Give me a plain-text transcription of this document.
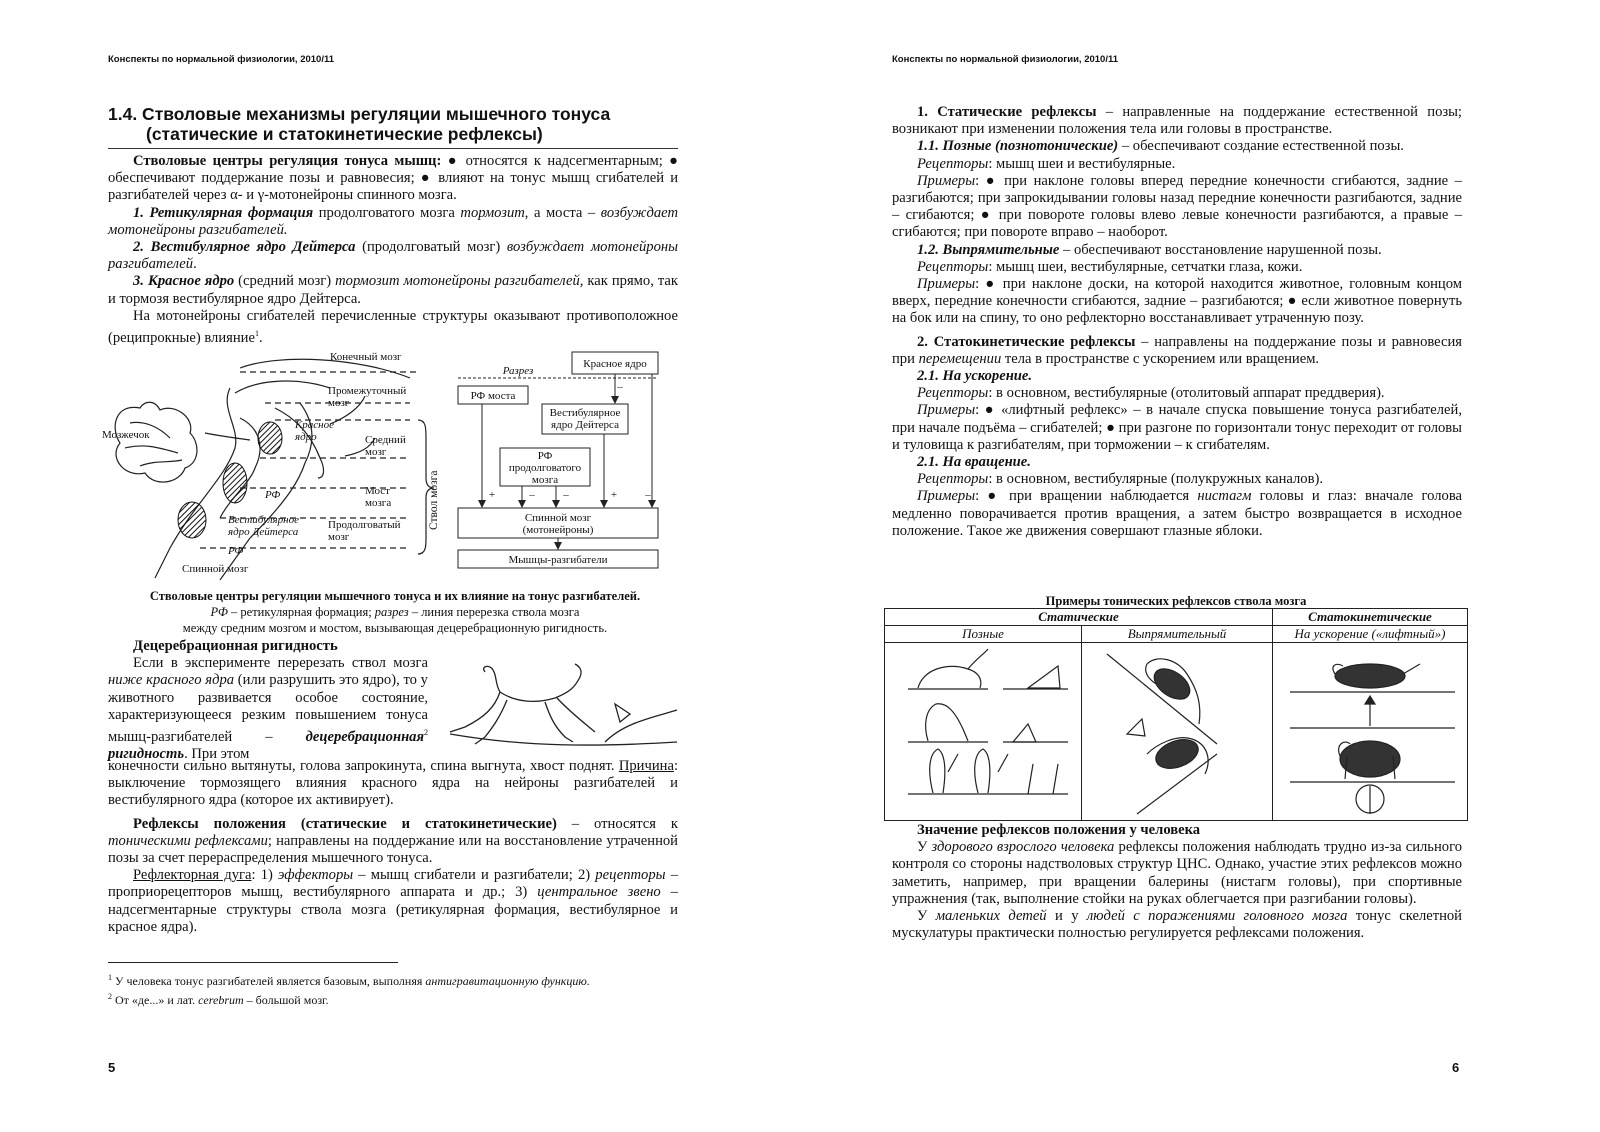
Конспекты по нормальной физиологии, 2010/11
1.4. Стволовые механизмы регуляции мышечного тонуса
(статические и статокинетические рефлексы)

Стволовые центры регуляция тонуса мышц: ● относятся к надсегментарным; ● обеспечивают поддержание позы и равновесия; ● влияют на тонус мышц сгибателей и разгибателей через α- и γ-мотонейроны спинного мозга.

1. Ретикулярная формация продолговатого мозга тормозит, а моста – возбуждает мотонейроны разгибателей.

2. Вестибулярное ядро Дейтерса (продолговатый мозг) возбуждает мотонейроны разгибателей.

3. Красное ядро (средний мозг) тормозит мотонейроны разгибателей, как прямо, так и тормозя вестибулярное ядро Дейтерса.

На мотонейроны сгибателей перечисленные структуры оказывают противоположное (реципрокные) влияние$^1$.

Конечный мозг
Промежуточный
мозг
Красное
ядро
Мозжечок	Средний
мозг
РФ	Мост
мозга
Вестибулярное
ядро Дейтерса
Продолговатый
мозг
РФ
Спинной мозг
Ствол мозга
Разрез
Красное ядро
РФ моста
Вестибулярное
ядро Дейтерса
РФ
продолговатого
мозга
Спинной мозг
(мотонейроны)
Мышцы-разгибатели
+	–	–	+	–
–
Стволовые центры регуляции мышечного тонуса и их влияние на тонус разгибателей.
РФ – ретикулярная формация; разрез – линия перерезка ствола мозга
между средним мозгом и мостом, вызывающая децеребрационную ригидность.

Децеребрационная ригидность

Если в эксперименте перерезать ствол мозга ниже красного ядра (или разрушить это ядро), то у животного развивается особое состояние, характеризующееся резким повышением тонуса мышц-разгибателей – децеребрационная$^2$ ригидность. При этом

конечности сильно вытянуты, голова запрокинута, спина выгнута, хвост поднят. Причина: выключение тормозящего влияния красного ядра на нейроны разгибателей и вестибулярного ядра (которое их активирует).

Рефлексы положения (статические и статокинетические) – относятся к тоническими рефлексами; направлены на поддержание или на восстановление утраченной позы за счет перераспределения мышечного тонуса.

Рефлекторная дуга: 1) эффекторы – мышц сгибатели и разгибатели; 2) рецепторы – проприорецепторов мышц, вестибулярного аппарата и др.; 3) центральное звено – надсегментарные структуры ствола мозга (ретикулярная формация, вестибулярное и красное ядра).

$^1$ У человека тонус разгибателей является базовым, выполняя антигравитационную функцию.
$^2$ От «де...» и лат. cerebrum – большой мозг.
5
Конспекты по нормальной физиологии, 2010/11

1. Статические рефлексы – направленные на поддержание естественной позы; возникают при изменении положения тела или головы в пространстве.

1.1. Позные (познотонические) – обеспечивают создание естественной позы.

Рецепторы: мышц шеи и вестибулярные.

Примеры: ● при наклоне головы вперед передние конечности сгибаются, задние – разгибаются; при запрокидывании головы назад передние конечности разгибаются, задние – сгибаются; ● при повороте головы влево левые конечности разгибаются, а правые – сгибаются; при повороте вправо – наоборот.

1.2. Выпрямительные – обеспечивают восстановление нарушенной позы.

Рецепторы: мышц шеи, вестибулярные, сетчатки глаза, кожи.

Примеры: ● при наклоне доски, на которой находится животное, головным концом вверх, передние конечности сгибаются, задние – разгибаются; ● если животное повернуть на бок или на спину, то оно рефлекторно восстанавливает утраченную позу.

2. Статокинетические рефлексы – направлены на поддержание позы и равновесия при перемещении тела в пространстве с ускорением или вращением.

2.1. На ускорение.

Рецепторы: в основном, вестибулярные (отолитовый аппарат преддверия).

Примеры: ● «лифтный рефлекс» – в начале спуска повышение тонуса разгибателей, при начале подъёма – сгибателей; ● при разгоне по горизонтали тонус переходит от головы и туловища к разгибателям, при торможении – к сгибателям.

2.1. На вращение.

Рецепторы: в основном, вестибулярные (полукружных каналов).

Примеры: ● при вращении наблюдается нистагм головы и глаз: вначале голова медленно поворачивается против вращения, а затем быстро возвращается в исходное положение. Такое же движения совершают глазные яблоки.

Примеры тонических рефлексов ствола мозга
Статические		Статокинетические
Позные	Выпрямительный	На ускорение («лифтный»)

Значение рефлексов положения у человека

У здорового взрослого человека рефлексы положения наблюдать трудно из-за сильного контроля со стороны надстволовых структур ЦНС. Однако, участие этих рефлексов можно заметить, например, при вращении балерины (нистагм головы), при спортивные упражнения (так, выполнение стойки на руках облегчается при разгибании головы).

У маленьких детей и у людей с поражениями головного мозга тонус скелетной мускулатуры практически полностью регулируется рефлексами положения.

6
